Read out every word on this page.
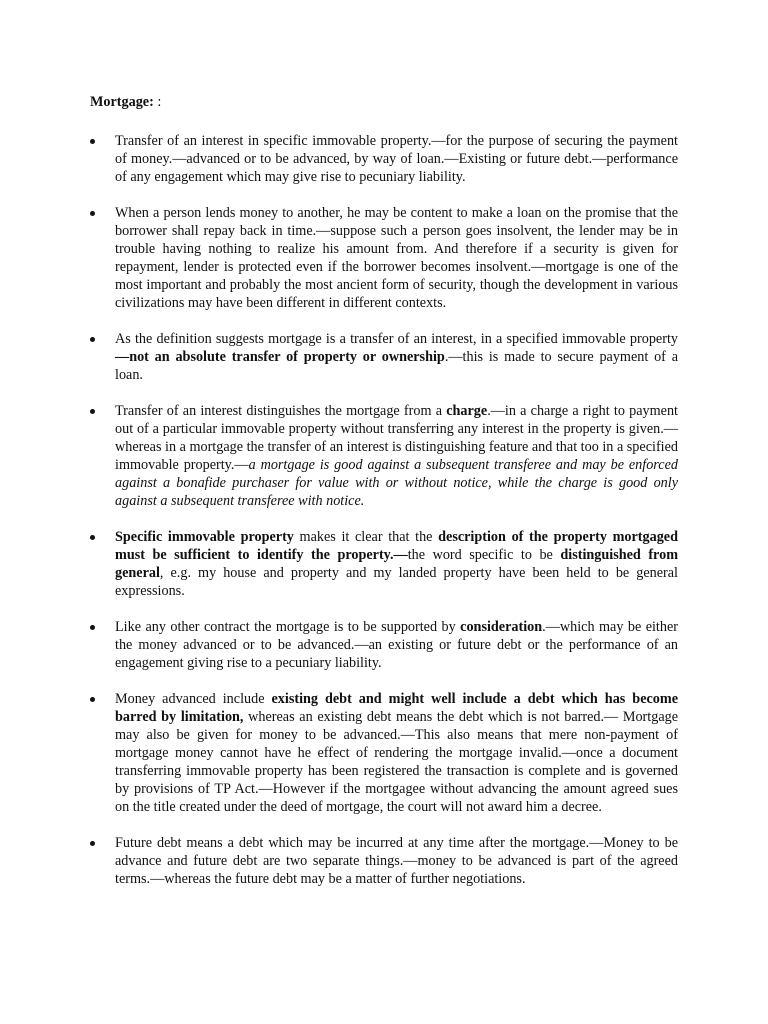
Mortgage: :

Transfer of an interest in specific immovable property.—for the purpose of securing the payment of money.—advanced or to be advanced, by way of loan.—Existing or future debt.—performance of any engagement which may give rise to pecuniary liability.
When a person lends money to another, he may be content to make a loan on the promise that the borrower shall repay back in time.—suppose such a person goes insolvent, the lender may be in trouble having nothing to realize his amount from. And therefore if a security is given for repayment, lender is protected even if the borrower becomes insolvent.—mortgage is one of the most important and probably the most ancient form of security, though the development in various civilizations may have been different in different contexts.
As the definition suggests mortgage is a transfer of an interest, in a specified immovable property—not an absolute transfer of property or ownership.—this is made to secure payment of a loan.
Transfer of an interest distinguishes the mortgage from a charge.—in a charge a right to payment out of a particular immovable property without transferring any interest in the property is given.—whereas in a mortgage the transfer of an interest is distinguishing feature and that too in a specified immovable property.—a mortgage is good against a subsequent transferee and may be enforced against a bonafide purchaser for value with or without notice, while the charge is good only against a subsequent transferee with notice.
Specific immovable property makes it clear that the description of the property mortgaged must be sufficient to identify the property.—the word specific to be distinguished from general, e.g. my house and property and my landed property have been held to be general expressions.
Like any other contract the mortgage is to be supported by consideration.—which may be either the money advanced or to be advanced.—an existing or future debt or the performance of an engagement giving rise to a pecuniary liability.
Money advanced include existing debt and might well include a debt which has become barred by limitation, whereas an existing debt means the debt which is not barred.— Mortgage may also be given for money to be advanced.—This also means that mere non-payment of mortgage money cannot have he effect of rendering the mortgage invalid.—once a document transferring immovable property has been registered the transaction is complete and is governed by provisions of TP Act.—However if the mortgagee without advancing the amount agreed sues on the title created under the deed of mortgage, the court will not award him a decree.
Future debt means a debt which may be incurred at any time after the mortgage.—Money to be advance and future debt are two separate things.—money to be advanced is part of the agreed terms.—whereas the future debt may be a matter of further negotiations.
